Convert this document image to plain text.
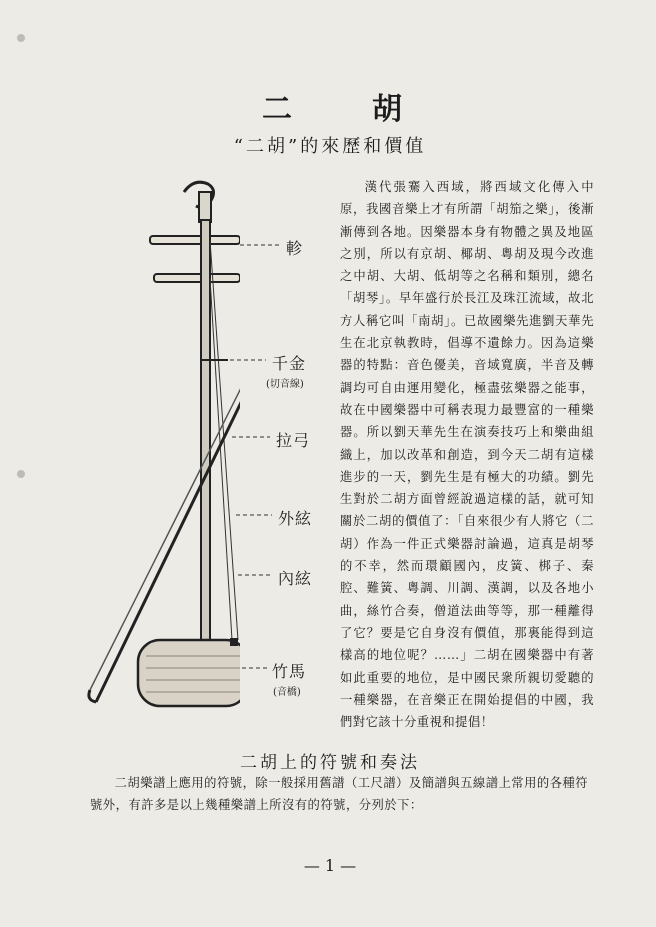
二	胡
“二胡”的來歷和價值
軫
千金
(切音線)
拉弓
外絃
內絃
竹馬
(音橋)

漢代張騫入西域，將西域文化傳入中原，我國音樂上才有所謂「胡笳之樂」，後漸漸傳到各地。因樂器本身有物體之異及地區之別，所以有京胡、椰胡、粵胡及現今改進之中胡、大胡、低胡等之名稱和類別，總名「胡琴」。早年盛行於長江及珠江流域，故北方人稱它叫「南胡」。已故國樂先進劉天華先生在北京執教時，倡導不遺餘力。因為這樂器的特點：音色優美，音域寬廣，半音及轉調均可自由運用變化，極盡弦樂器之能事，故在中國樂器中可稱表現力最豐富的一種樂器。所以劉天華先生在演奏技巧上和樂曲組織上，加以改革和創造，到今天二胡有這樣進步的一天，劉先生是有極大的功績。劉先生對於二胡方面曾經說過這樣的話，就可知關於二胡的價值了：「自來很少有人將它（二胡）作為一件正式樂器討論過，這真是胡琴的不幸，然而環顧國內，皮簧、梆子、秦腔、難簧、粵調、川調、漢調，以及各地小曲，絲竹合奏，僧道法曲等等，那一種離得了它？要是它自身沒有價值，那裏能得到這樣高的地位呢？……」二胡在國樂器中有著如此重要的地位，是中國民衆所親切愛聽的一種樂器，在音樂正在開始提倡的中國，我們對它該十分重視和提倡！

二胡上的符號和奏法

二胡樂譜上應用的符號，除一般採用舊譜（工尺譜）及簡譜與五線譜上常用的各種符號外，有許多是以上幾種樂譜上所沒有的符號，分列於下：

— 1 —
